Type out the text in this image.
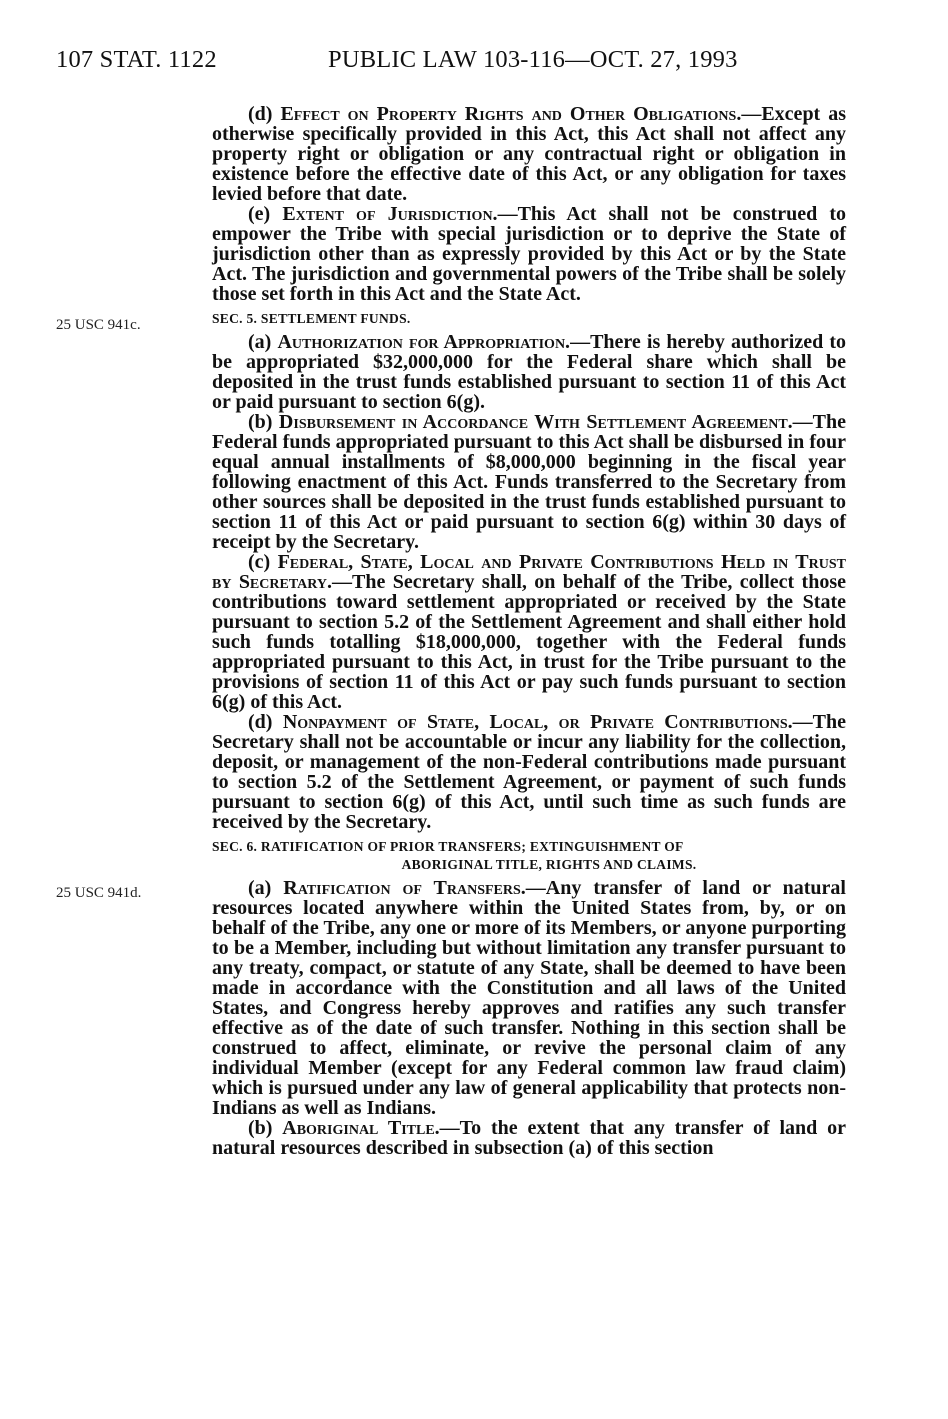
107 STAT. 1122	PUBLIC LAW 103-116—OCT. 27, 1993
25 USC 941c.
25 USC 941d.

(d) Effect on Property Rights and Other Obligations.—Except as otherwise specifically provided in this Act, this Act shall not affect any property right or obligation or any contractual right or obligation in existence before the effective date of this Act, or any obligation for taxes levied before that date.

(e) Extent of Jurisdiction.—This Act shall not be construed to empower the Tribe with special jurisdiction or to deprive the State of jurisdiction other than as expressly provided by this Act or by the State Act. The jurisdiction and governmental powers of the Tribe shall be solely those set forth in this Act and the State Act.

SEC. 5. SETTLEMENT FUNDS.

(a) Authorization for Appropriation.—There is hereby authorized to be appropriated $32,000,000 for the Federal share which shall be deposited in the trust funds established pursuant to section 11 of this Act or paid pursuant to section 6(g).

(b) Disbursement in Accordance With Settlement Agreement.—The Federal funds appropriated pursuant to this Act shall be disbursed in four equal annual installments of $8,000,000 beginning in the fiscal year following enactment of this Act. Funds transferred to the Secretary from other sources shall be deposited in the trust funds established pursuant to section 11 of this Act or paid pursuant to section 6(g) within 30 days of receipt by the Secretary.

(c) Federal, State, Local and Private Contributions Held in Trust by Secretary.—The Secretary shall, on behalf of the Tribe, collect those contributions toward settlement appropriated or received by the State pursuant to section 5.2 of the Settlement Agreement and shall either hold such funds totalling $18,000,000, together with the Federal funds appropriated pursuant to this Act, in trust for the Tribe pursuant to the provisions of section 11 of this Act or pay such funds pursuant to section 6(g) of this Act.

(d) Nonpayment of State, Local, or Private Contributions.—The Secretary shall not be accountable or incur any liability for the collection, deposit, or management of the non-Federal contributions made pursuant to section 5.2 of the Settlement Agreement, or payment of such funds pursuant to section 6(g) of this Act, until such time as such funds are received by the Secretary.

SEC. 6. RATIFICATION OF PRIOR TRANSFERS; EXTINGUISHMENT OF
ABORIGINAL TITLE, RIGHTS AND CLAIMS.

(a) Ratification of Transfers.—Any transfer of land or natural resources located anywhere within the United States from, by, or on behalf of the Tribe, any one or more of its Members, or anyone purporting to be a Member, including but without limitation any transfer pursuant to any treaty, compact, or statute of any State, shall be deemed to have been made in accordance with the Constitution and all laws of the United States, and Congress hereby approves and ratifies any such transfer effective as of the date of such transfer. Nothing in this section shall be construed to affect, eliminate, or revive the personal claim of any individual Member (except for any Federal common law fraud claim) which is pursued under any law of general applicability that protects non-Indians as well as Indians.

(b) Aboriginal Title.—To the extent that any transfer of land or natural resources described in subsection (a) of this section
